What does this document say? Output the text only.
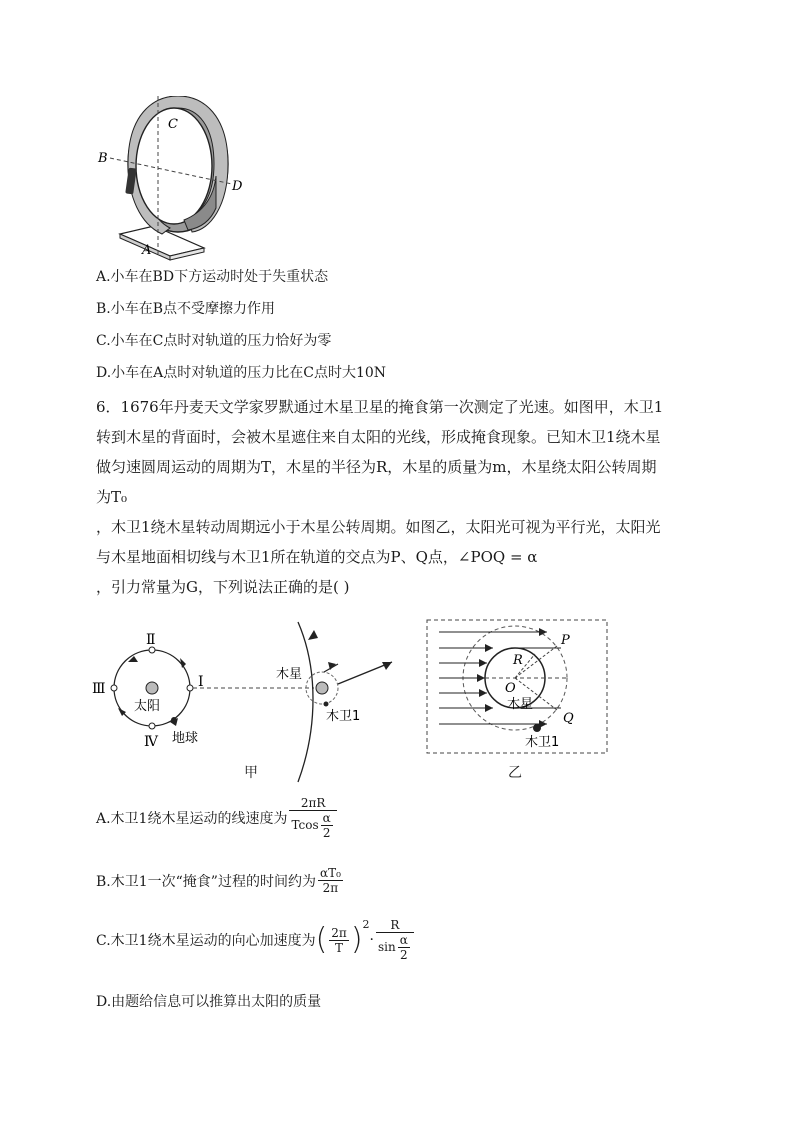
C
B
D
A
A.小车在BD下方运动时处于失重状态
B.小车在B点不受摩擦力作用
C.小车在C点时对轨道的压力恰好为零
D.小车在A点时对轨道的压力比在C点时大10N
6．1676年丹麦天文学家罗默通过木星卫星的掩食第一次测定了光速。如图甲，木卫1
转到木星的背面时，会被木星遮住来自太阳的光线，形成掩食现象。已知木卫1绕木星
做匀速圆周运动的周期为T，木星的半径为R，木星的质量为m，木星绕太阳公转周期
为T₀
，木卫1绕木星转动周期远小于木星公转周期。如图乙，太阳光可视为平行光，太阳光
与木星地面相切线与木卫1所在轨道的交点为P、Q点，∠POQ = α
，引力常量为G，下列说法正确的是( )
Ⅱ
Ⅲ	I
Ⅳ
太阳
地球
木星
木卫1
甲
P
R
O
木星
Q
木卫1
乙
A.木卫1绕木星运动的线速度为 $\frac{2\pi R}{Tcos \frac{\alpha}{2}}$
B.木卫1一次“掩食”过程的时间约为 $\frac{\text{αT₀}}{2\pi}$
C.木卫1绕木星运动的向心加速度为 ( $\frac{2\pi}{T} )^2$
· $\frac{R}{\sin \frac{\alpha}{2}}$
D.由题给信息可以推算出太阳的质量
